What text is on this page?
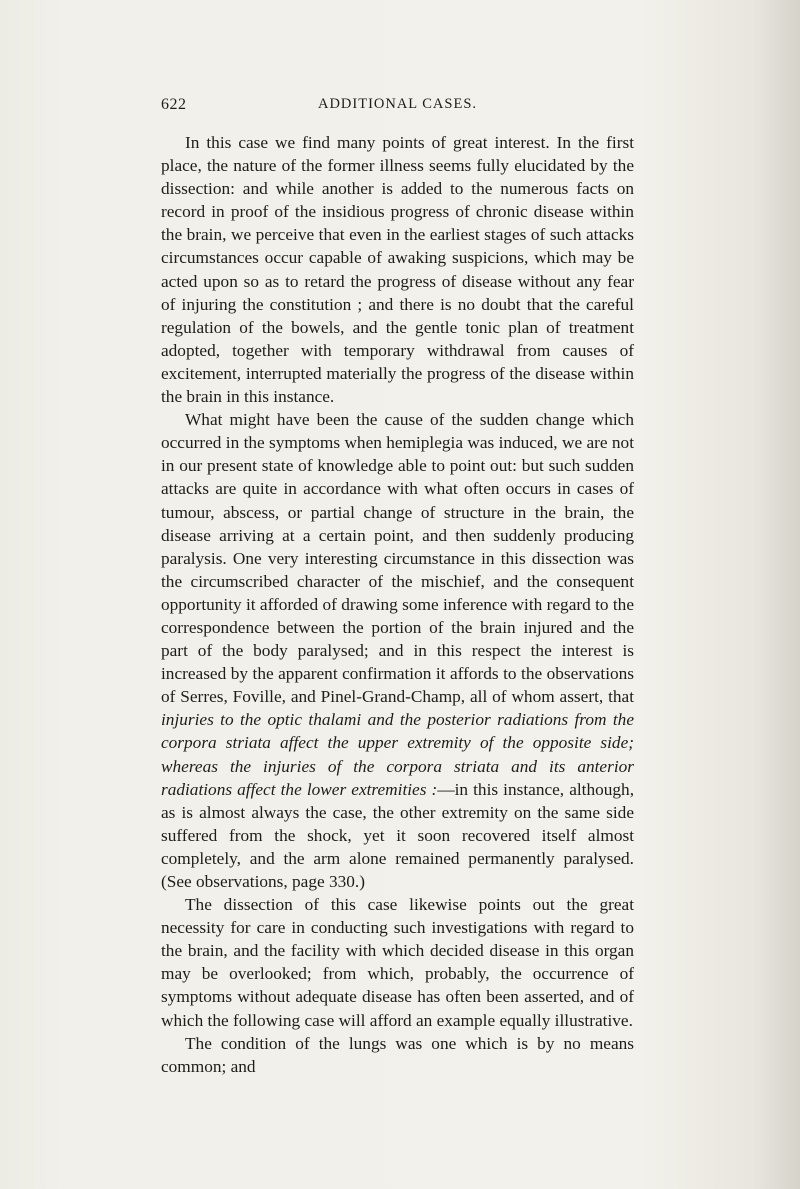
622	ADDITIONAL CASES.

In this case we find many points of great interest. In the first place, the nature of the former illness seems fully elucidated by the dissection: and while another is added to the numerous facts on record in proof of the insidious progress of chronic disease within the brain, we perceive that even in the earliest stages of such attacks circumstances occur capable of awaking suspicions, which may be acted upon so as to retard the progress of disease without any fear of injuring the constitution ; and there is no doubt that the careful regulation of the bowels, and the gentle tonic plan of treatment adopted, together with temporary withdrawal from causes of excitement, interrupted materially the progress of the disease within the brain in this instance.

What might have been the cause of the sudden change which occurred in the symptoms when hemiplegia was induced, we are not in our present state of knowledge able to point out: but such sudden attacks are quite in accordance with what often occurs in cases of tumour, abscess, or partial change of structure in the brain, the disease arriving at a certain point, and then suddenly producing paralysis. One very interesting circumstance in this dissection was the circumscribed character of the mischief, and the consequent opportunity it afforded of drawing some inference with regard to the correspondence between the portion of the brain injured and the part of the body paralysed; and in this respect the interest is increased by the apparent confirmation it affords to the observations of Serres, Foville, and Pinel-Grand-Champ, all of whom assert, that injuries to the optic thalami and the posterior radiations from the corpora striata affect the upper extremity of the opposite side; whereas the injuries of the corpora striata and its anterior radiations affect the lower extremities :—in this instance, although, as is almost always the case, the other extremity on the same side suffered from the shock, yet it soon recovered itself almost completely, and the arm alone remained permanently paralysed. (See observations, page 330.)

The dissection of this case likewise points out the great necessity for care in conducting such investigations with regard to the brain, and the facility with which decided disease in this organ may be overlooked; from which, probably, the occurrence of symptoms without adequate disease has often been asserted, and of which the following case will afford an example equally illustrative.

The condition of the lungs was one which is by no means common; and
